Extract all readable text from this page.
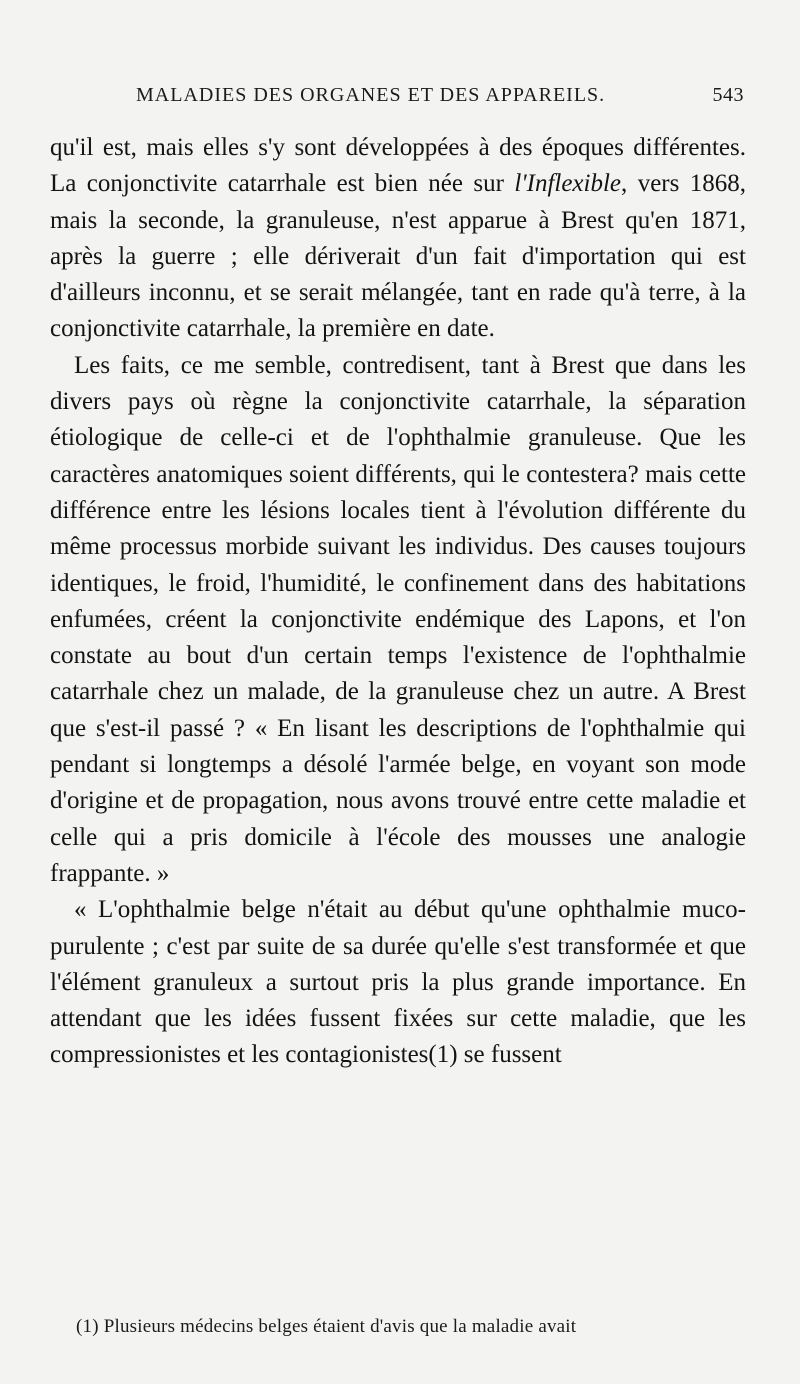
MALADIES DES ORGANES ET DES APPAREILS.	543

qu'il est, mais elles s'y sont développées à des époques différentes. La conjonctivite catarrhale est bien née sur l'Inflexible, vers 1868, mais la seconde, la granuleuse, n'est apparue à Brest qu'en 1871, après la guerre ; elle dériverait d'un fait d'importation qui est d'ailleurs inconnu, et se serait mélangée, tant en rade qu'à terre, à la conjonctivite catarrhale, la première en date.

Les faits, ce me semble, contredisent, tant à Brest que dans les divers pays où règne la conjonctivite catarrhale, la séparation étiologique de celle-ci et de l'ophthalmie granuleuse. Que les caractères anatomiques soient différents, qui le contestera? mais cette différence entre les lésions locales tient à l'évolution différente du même processus morbide suivant les individus. Des causes toujours identiques, le froid, l'humidité, le confinement dans des habitations enfumées, créent la conjonctivite endémique des Lapons, et l'on constate au bout d'un certain temps l'existence de l'ophthalmie catarrhale chez un malade, de la granuleuse chez un autre. A Brest que s'est-il passé ? « En lisant les descriptions de l'ophthalmie qui pendant si longtemps a désolé l'armée belge, en voyant son mode d'origine et de propagation, nous avons trouvé entre cette maladie et celle qui a pris domicile à l'école des mousses une analogie frappante. »

« L'ophthalmie belge n'était au début qu'une ophthalmie muco-purulente ; c'est par suite de sa durée qu'elle s'est transformée et que l'élément granuleux a surtout pris la plus grande importance. En attendant que les idées fussent fixées sur cette maladie, que les compressionistes et les contagionistes(1) se fussent

(1) Plusieurs médecins belges étaient d'avis que la maladie avait
